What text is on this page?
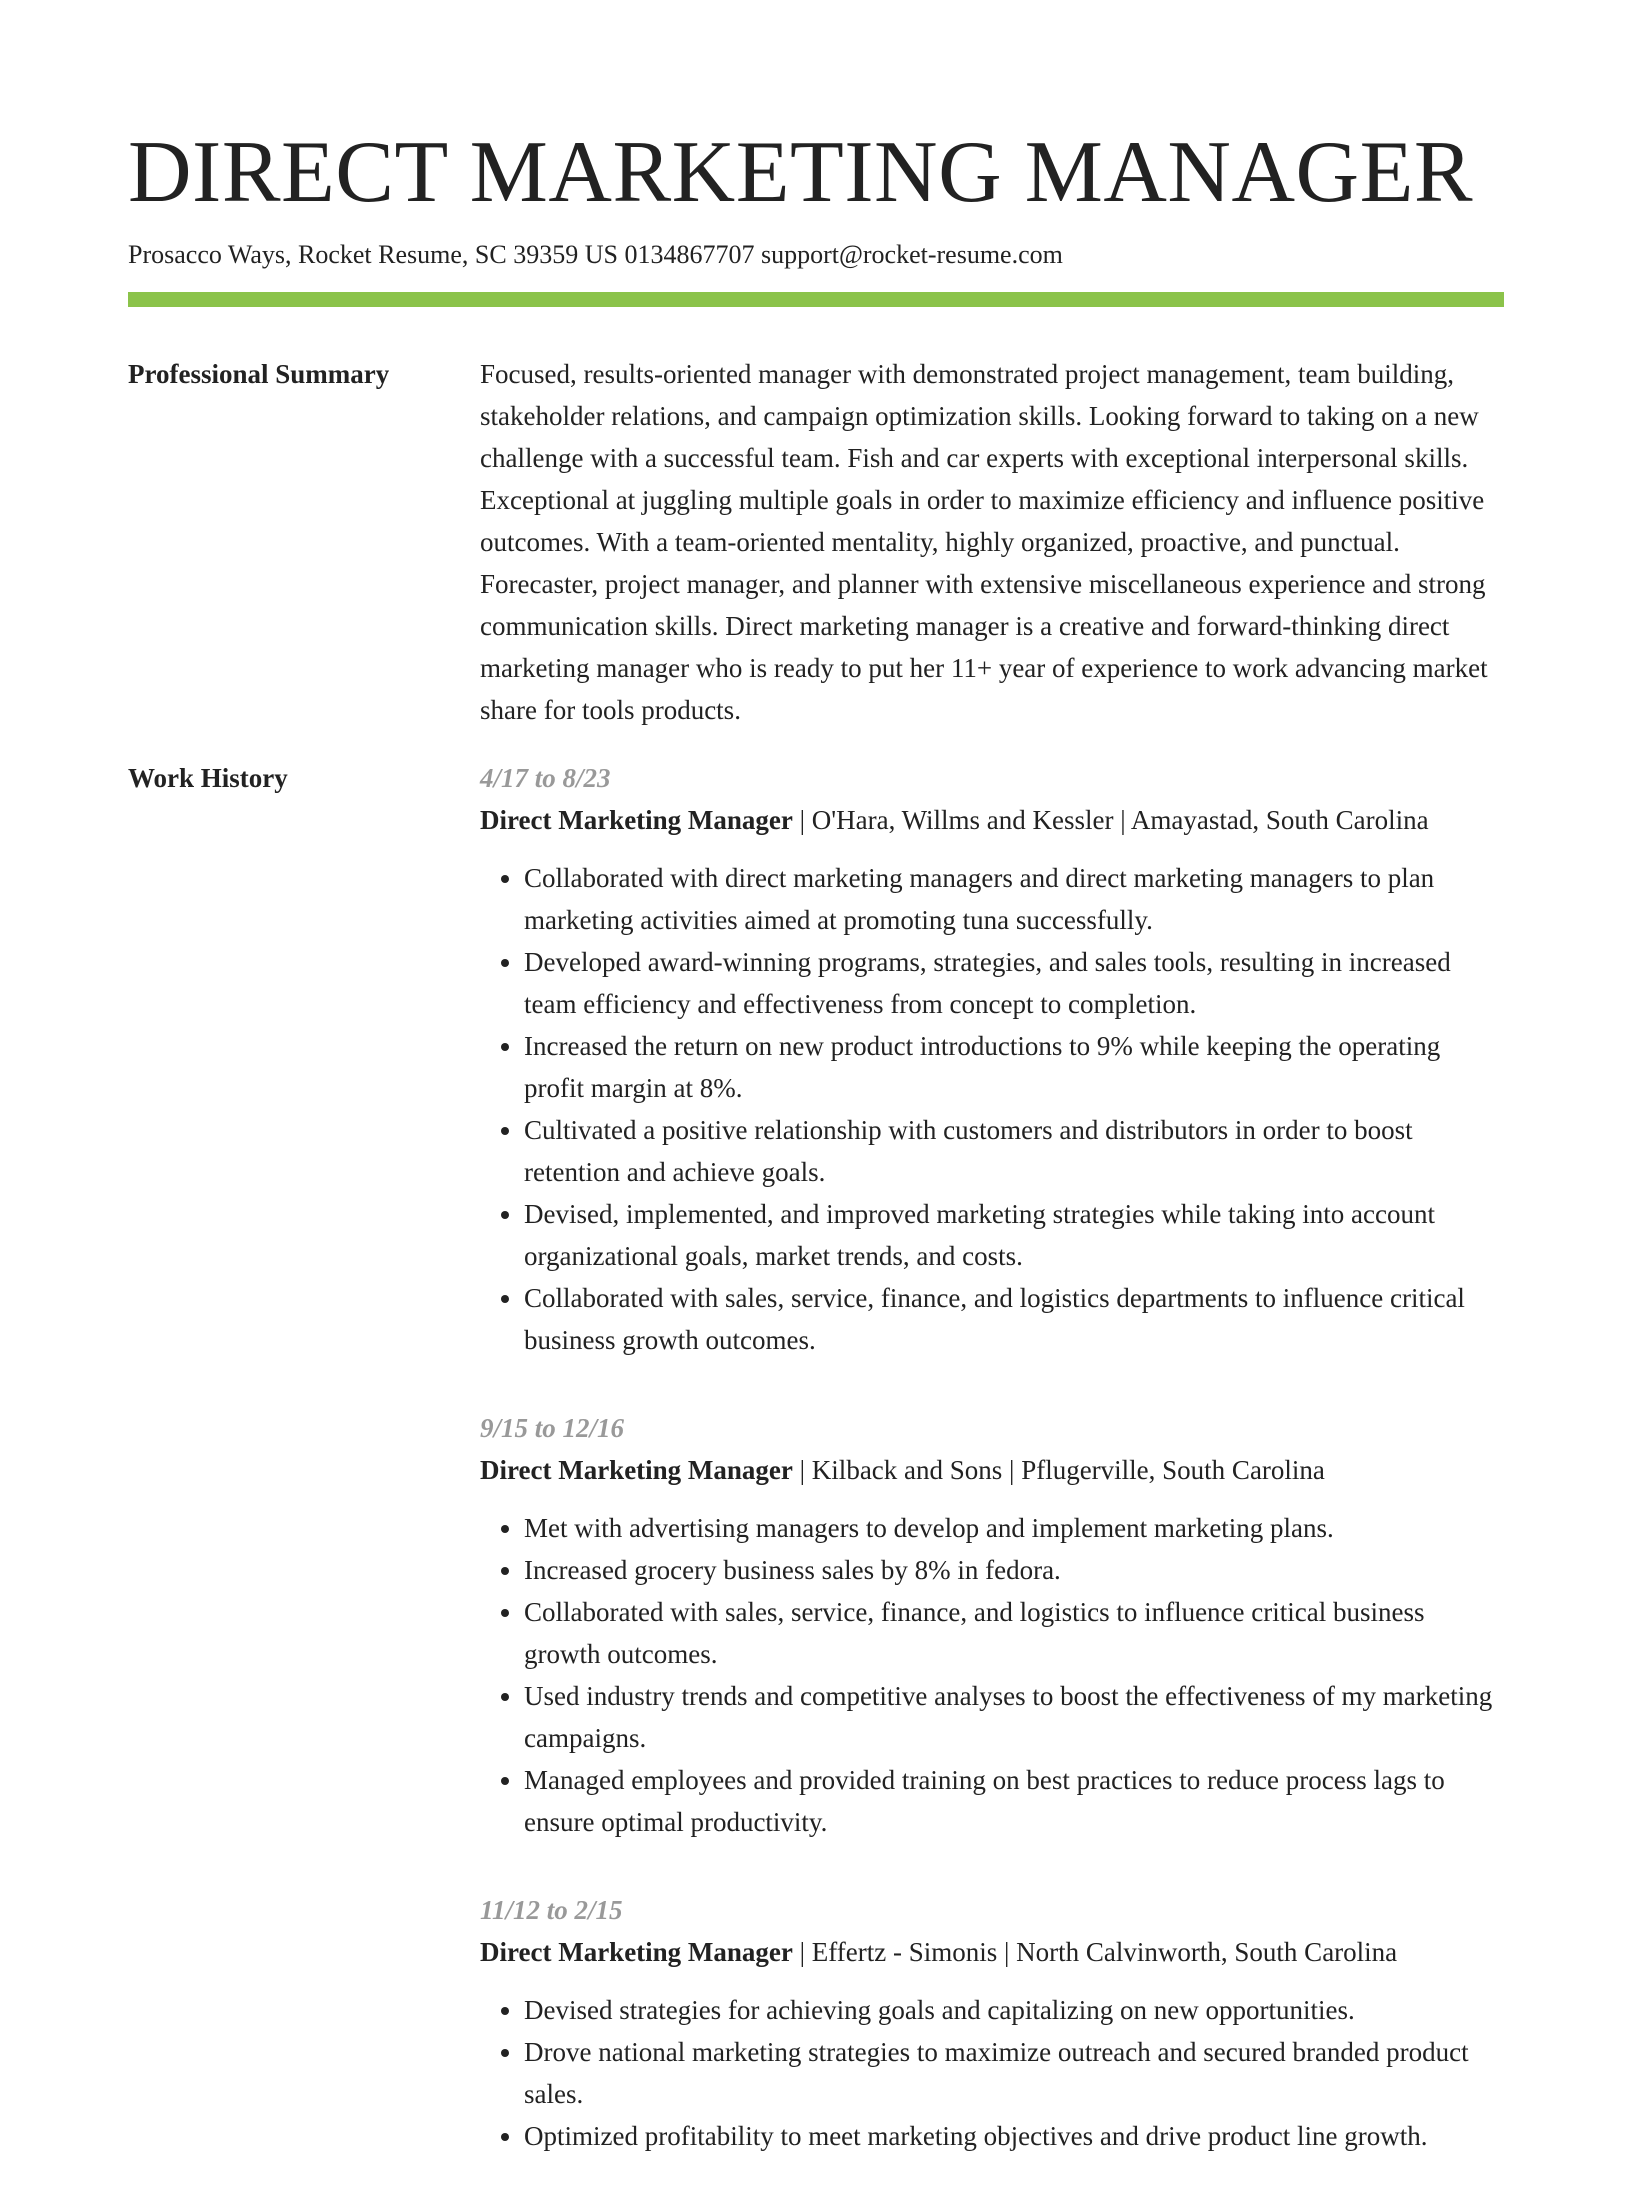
DIRECT MARKETING MANAGER
Prosacco Ways, Rocket Resume, SC 39359 US 0134867707 support@rocket-resume.com
Professional Summary	Focused, results-oriented manager with demonstrated project management, team building, stakeholder relations, and campaign optimization skills. Looking forward to taking on a new challenge with a successful team. Fish and car experts with exceptional interpersonal skills. Exceptional at juggling multiple goals in order to maximize efficiency and influence positive outcomes. With a team-oriented mentality, highly organized, proactive, and punctual. Forecaster, project manager, and planner with extensive miscellaneous experience and strong communication skills. Direct marketing manager is a creative and forward-thinking direct marketing manager who is ready to put her 11+ year of experience to work advancing market share for tools products.

Work History	4/17 to 8/23
Direct Marketing Manager | O'Hara, Willms and Kessler | Amayastad, South Carolina
• Collaborated with direct marketing managers and direct marketing managers to plan marketing activities aimed at promoting tuna successfully.
• Developed award-winning programs, strategies, and sales tools, resulting in increased team efficiency and effectiveness from concept to completion.
• Increased the return on new product introductions to 9% while keeping the operating profit margin at 8%.
• Cultivated a positive relationship with customers and distributors in order to boost retention and achieve goals.
• Devised, implemented, and improved marketing strategies while taking into account organizational goals, market trends, and costs.
• Collaborated with sales, service, finance, and logistics departments to influence critical business growth outcomes.
9/15 to 12/16
Direct Marketing Manager | Kilback and Sons | Pflugerville, South Carolina
• Met with advertising managers to develop and implement marketing plans.
• Increased grocery business sales by 8% in fedora.
• Collaborated with sales, service, finance, and logistics to influence critical business growth outcomes.
• Used industry trends and competitive analyses to boost the effectiveness of my marketing campaigns.
• Managed employees and provided training on best practices to reduce process lags to ensure optimal productivity.
11/12 to 2/15
Direct Marketing Manager | Effertz - Simonis | North Calvinworth, South Carolina
• Devised strategies for achieving goals and capitalizing on new opportunities.
• Drove national marketing strategies to maximize outreach and secured branded product sales.
• Optimized profitability to meet marketing objectives and drive product line growth.
